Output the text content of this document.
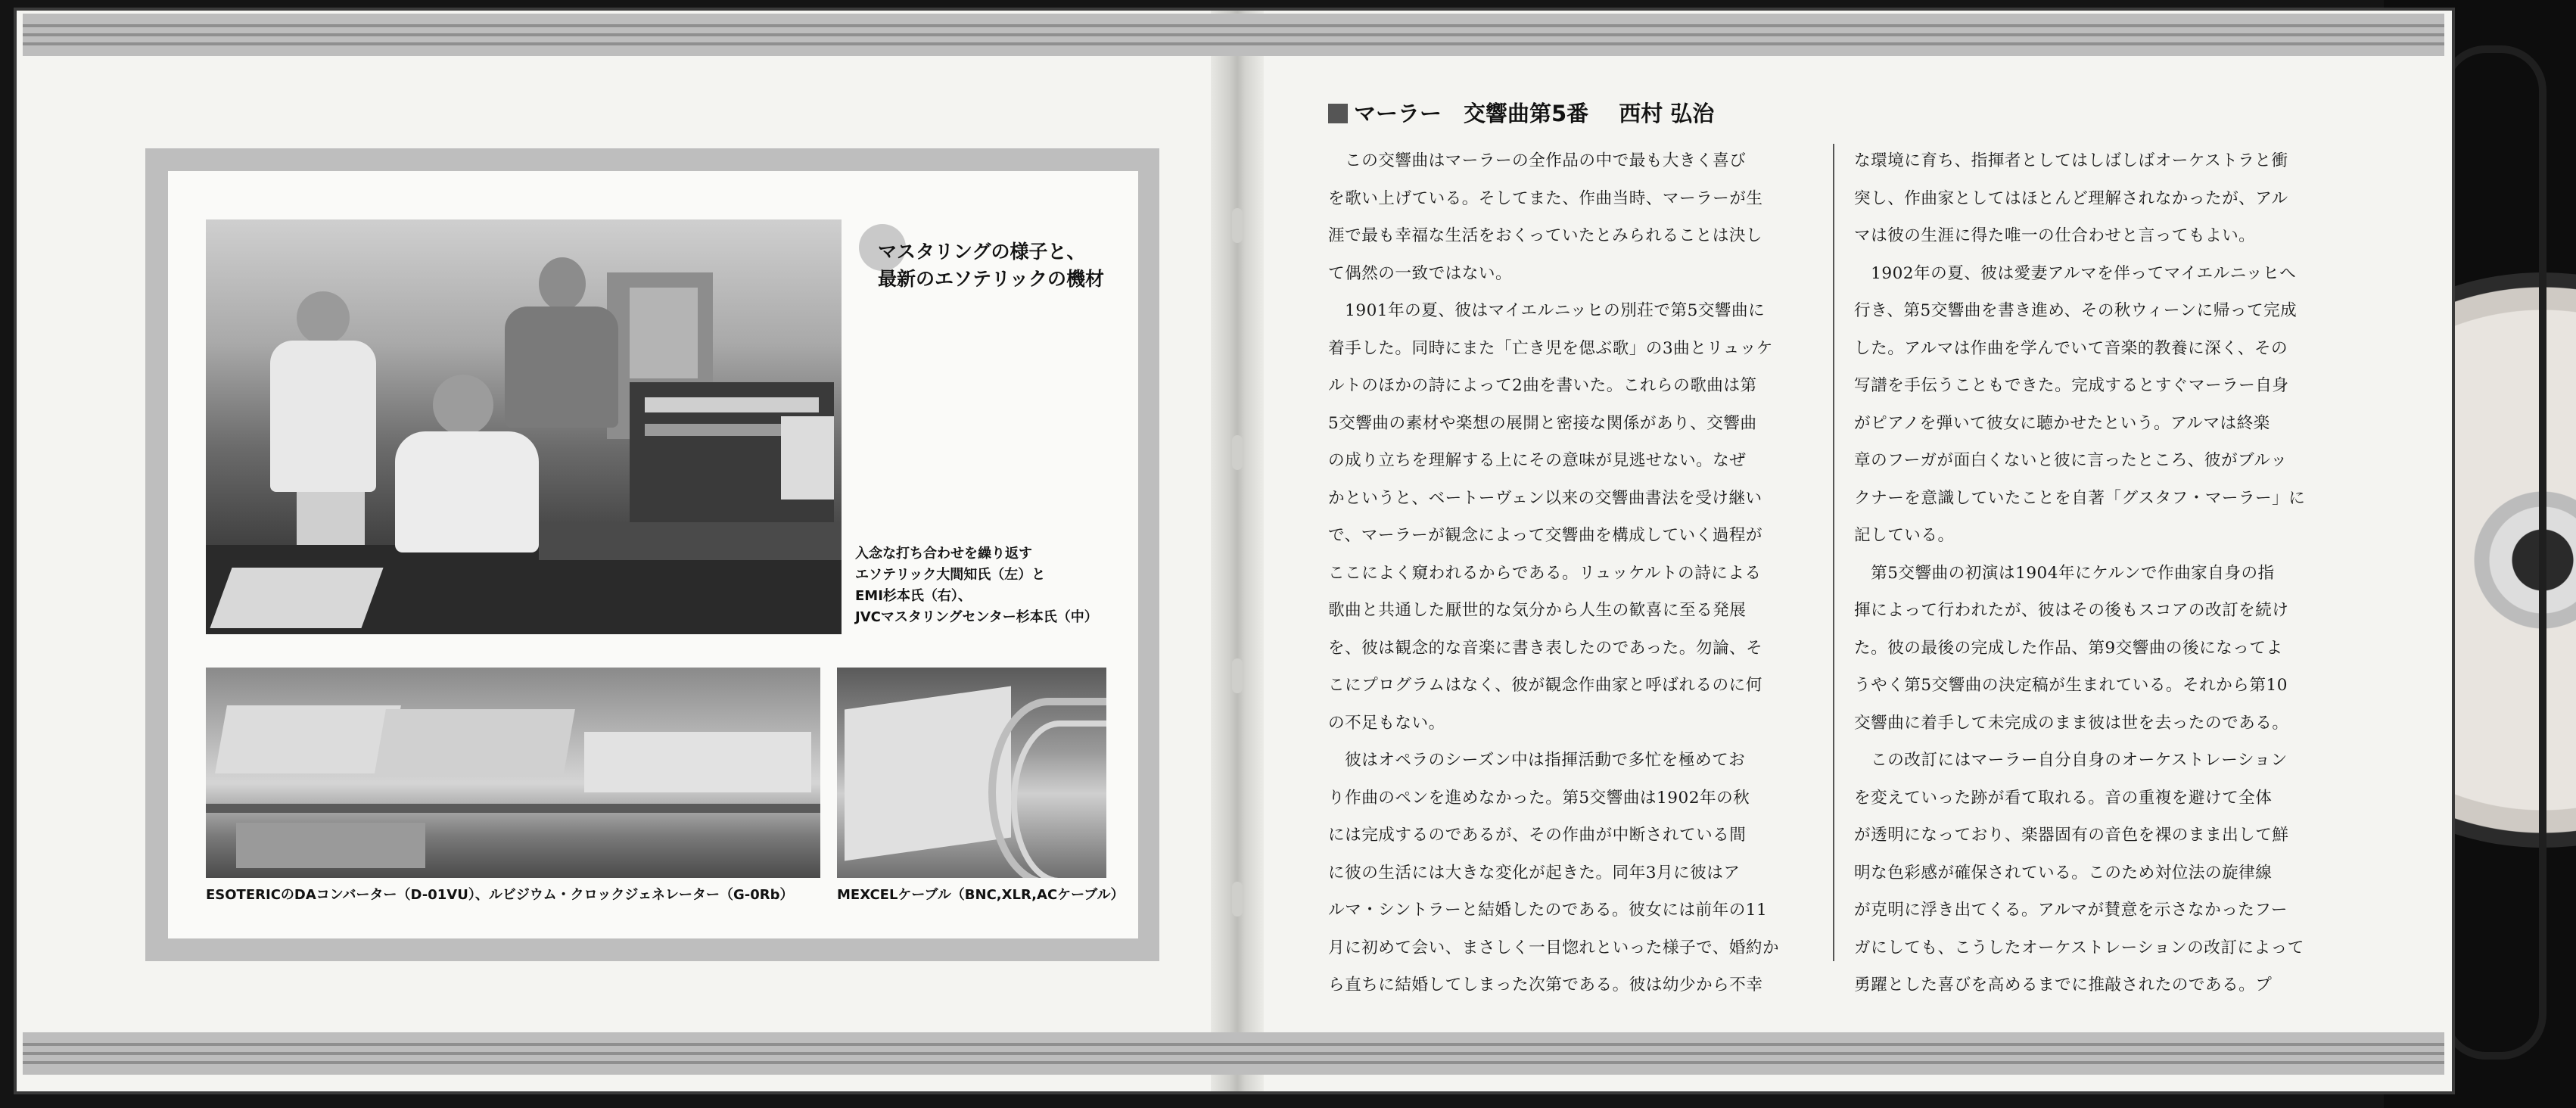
マスタリングの様子と、
最新のエソテリックの機材
入念な打ち合わせを繰り返す
エソテリック大間知氏（左）と
EMI杉本氏（右）、
JVCマスタリングセンター杉本氏（中）
ESOTERICのDAコンバーター（D-01VU）、ルビジウム・クロックジェネレーター（G-0Rb）	MEXCELケーブル（BNC,XLR,ACケーブル）
マーラー　交響曲第5番 西村 弘治

　この交響曲はマーラーの全作品の中で最も大きく喜び

を歌い上げている。そしてまた、作曲当時、マーラーが生

涯で最も幸福な生活をおくっていたとみられることは決し

て偶然の一致ではない。

　1901年の夏、彼はマイエルニッヒの別荘で第5交響曲に

着手した。同時にまた「亡き児を偲ぶ歌」の3曲とリュッケ

ルトのほかの詩によって2曲を書いた。これらの歌曲は第

5交響曲の素材や楽想の展開と密接な関係があり、交響曲

の成り立ちを理解する上にその意味が見逃せない。なぜ

かというと、ベートーヴェン以来の交響曲書法を受け継い

で、マーラーが観念によって交響曲を構成していく過程が

ここによく窺われるからである。リュッケルトの詩による

歌曲と共通した厭世的な気分から人生の歓喜に至る発展

を、彼は観念的な音楽に書き表したのであった。勿論、そ

こにプログラムはなく、彼が観念作曲家と呼ばれるのに何

の不足もない。

　彼はオペラのシーズン中は指揮活動で多忙を極めてお

り作曲のペンを進めなかった。第5交響曲は1902年の秋

には完成するのであるが、その作曲が中断されている間

に彼の生活には大きな変化が起きた。同年3月に彼はア

ルマ・シントラーと結婚したのである。彼女には前年の11

月に初めて会い、まさしく一目惚れといった様子で、婚約か

ら直ちに結婚してしまった次第である。彼は幼少から不幸

な環境に育ち、指揮者としてはしばしばオーケストラと衝

突し、作曲家としてはほとんど理解されなかったが、アル

マは彼の生涯に得た唯一の仕合わせと言ってもよい。

　1902年の夏、彼は愛妻アルマを伴ってマイエルニッヒへ

行き、第5交響曲を書き進め、その秋ウィーンに帰って完成

した。アルマは作曲を学んでいて音楽的教養に深く、その

写譜を手伝うこともできた。完成するとすぐマーラー自身

がピアノを弾いて彼女に聴かせたという。アルマは終楽

章のフーガが面白くないと彼に言ったところ、彼がブルッ

クナーを意識していたことを自著「グスタフ・マーラー」に

記している。

　第5交響曲の初演は1904年にケルンで作曲家自身の指

揮によって行われたが、彼はその後もスコアの改訂を続け

た。彼の最後の完成した作品、第9交響曲の後になってよ

うやく第5交響曲の決定稿が生まれている。それから第10

交響曲に着手して未完成のまま彼は世を去ったのである。

　この改訂にはマーラー自分自身のオーケストレーション

を変えていった跡が看て取れる。音の重複を避けて全体

が透明になっており、楽器固有の音色を裸のまま出して鮮

明な色彩感が確保されている。このため対位法の旋律線

が克明に浮き出てくる。アルマが賛意を示さなかったフー

ガにしても、こうしたオーケストレーションの改訂によって

勇躍とした喜びを高めるまでに推敲されたのである。プ
